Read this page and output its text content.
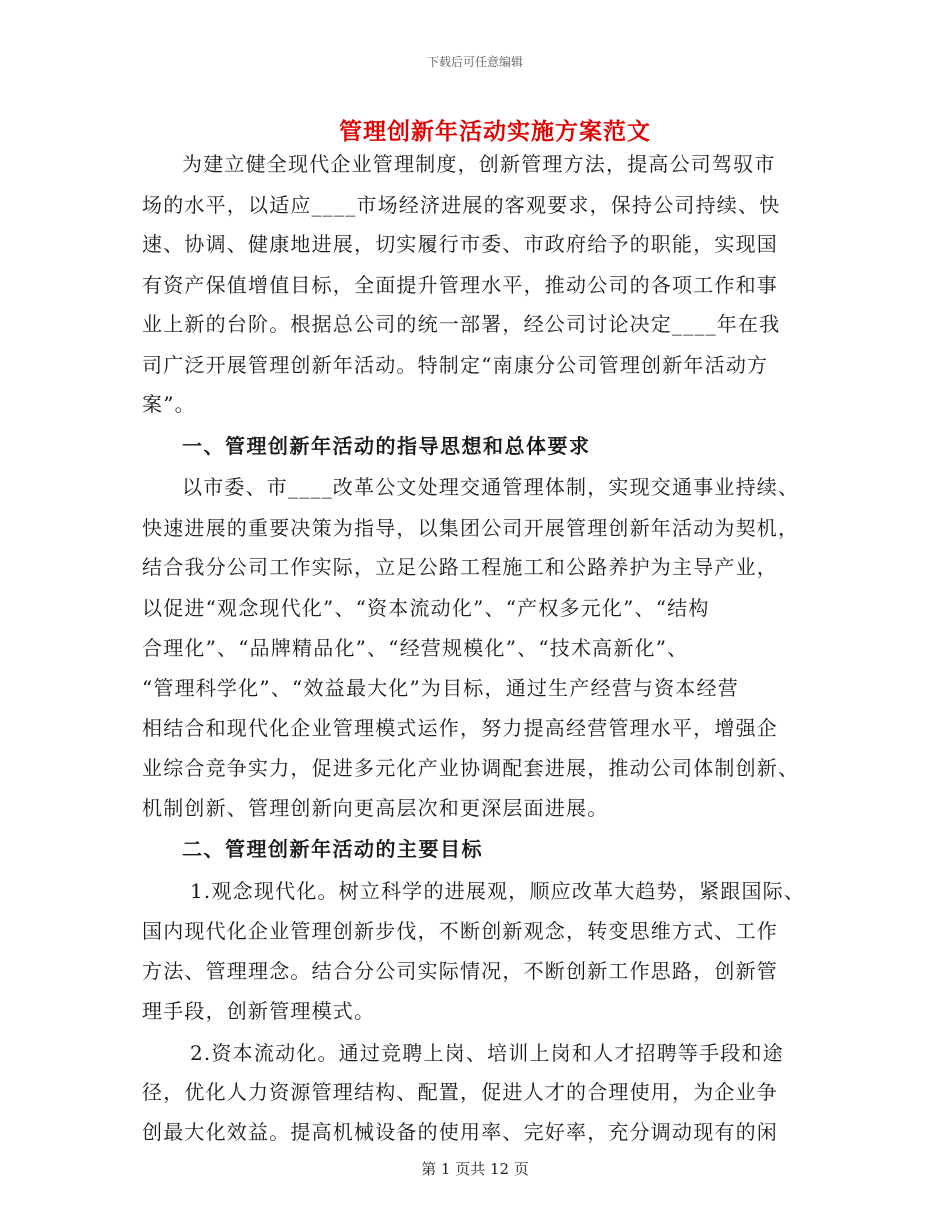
下载后可任意编辑
管理创新年活动实施方案范文
为建立健全现代企业管理制度，创新管理方法，提高公司驾驭市
场的水平，以适应____市场经济进展的客观要求，保持公司持续、快
速、协调、健康地进展，切实履行市委、市政府给予的职能，实现国
有资产保值增值目标，全面提升管理水平，推动公司的各项工作和事
业上新的台阶。根据总公司的统一部署，经公司讨论决定____年在我
司广泛开展管理创新年活动。特制定“南康分公司管理创新年活动方
案”。
一、管理创新年活动的指导思想和总体要求
以市委、市____改革公文处理交通管理体制，实现交通事业持续、
快速进展的重要决策为指导，以集团公司开展管理创新年活动为契机，
结合我分公司工作实际，立足公路工程施工和公路养护为主导产业，
以促进“观念现代化”、“资本流动化”、“产权多元化”、“结构
合理化”、“品牌精品化”、“经营规模化”、“技术高新化”、
“管理科学化”、“效益最大化”为目标，通过生产经营与资本经营
相结合和现代化企业管理模式运作，努力提高经营管理水平，增强企
业综合竞争实力，促进多元化产业协调配套进展，推动公司体制创新、
机制创新、管理创新向更高层次和更深层面进展。
二、管理创新年活动的主要目标
1.观念现代化。树立科学的进展观，顺应改革大趋势，紧跟国际、
国内现代化企业管理创新步伐，不断创新观念，转变思维方式、工作
方法、管理理念。结合分公司实际情况，不断创新工作思路，创新管
理手段，创新管理模式。
2.资本流动化。通过竞聘上岗、培训上岗和人才招聘等手段和途
径，优化人力资源管理结构、配置，促进人才的合理使用，为企业争
创最大化效益。提高机械设备的使用率、完好率，充分调动现有的闲
第 1 页共 12 页
